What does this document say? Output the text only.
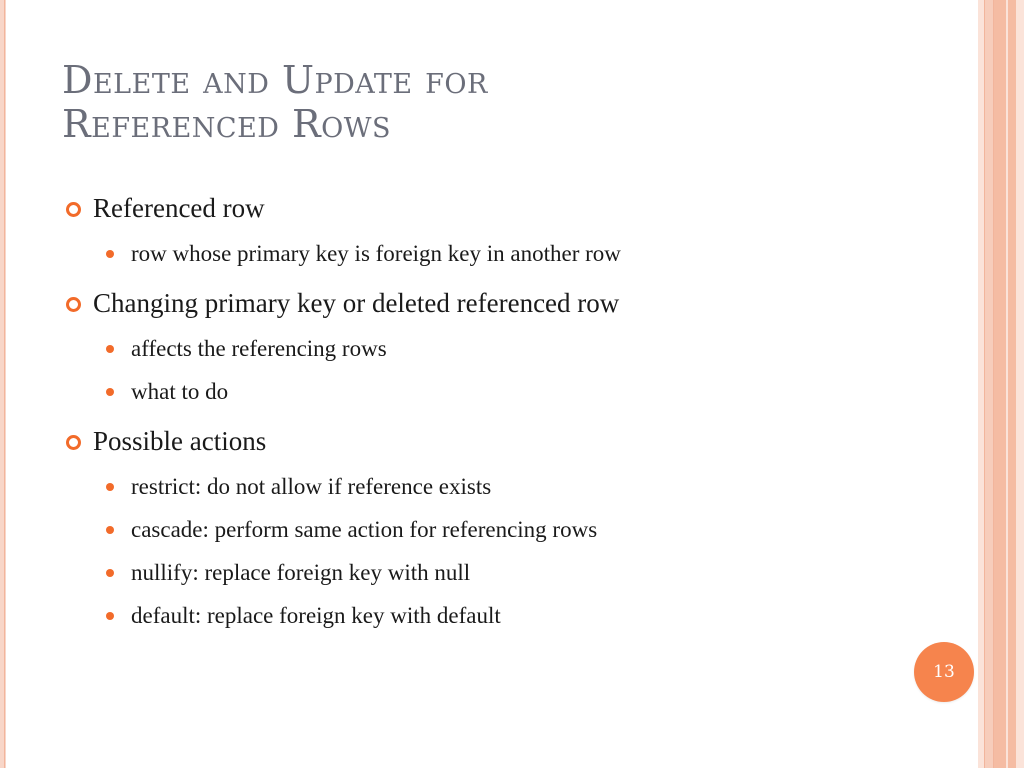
Delete and Update for
Referenced Rows
Referenced row
row whose primary key is foreign key in another row
Changing primary key or deleted referenced row
affects the referencing rows
what to do
Possible actions
restrict: do not allow if reference exists
cascade: perform same action for referencing rows
nullify: replace foreign key with null
default: replace foreign key with default
13
